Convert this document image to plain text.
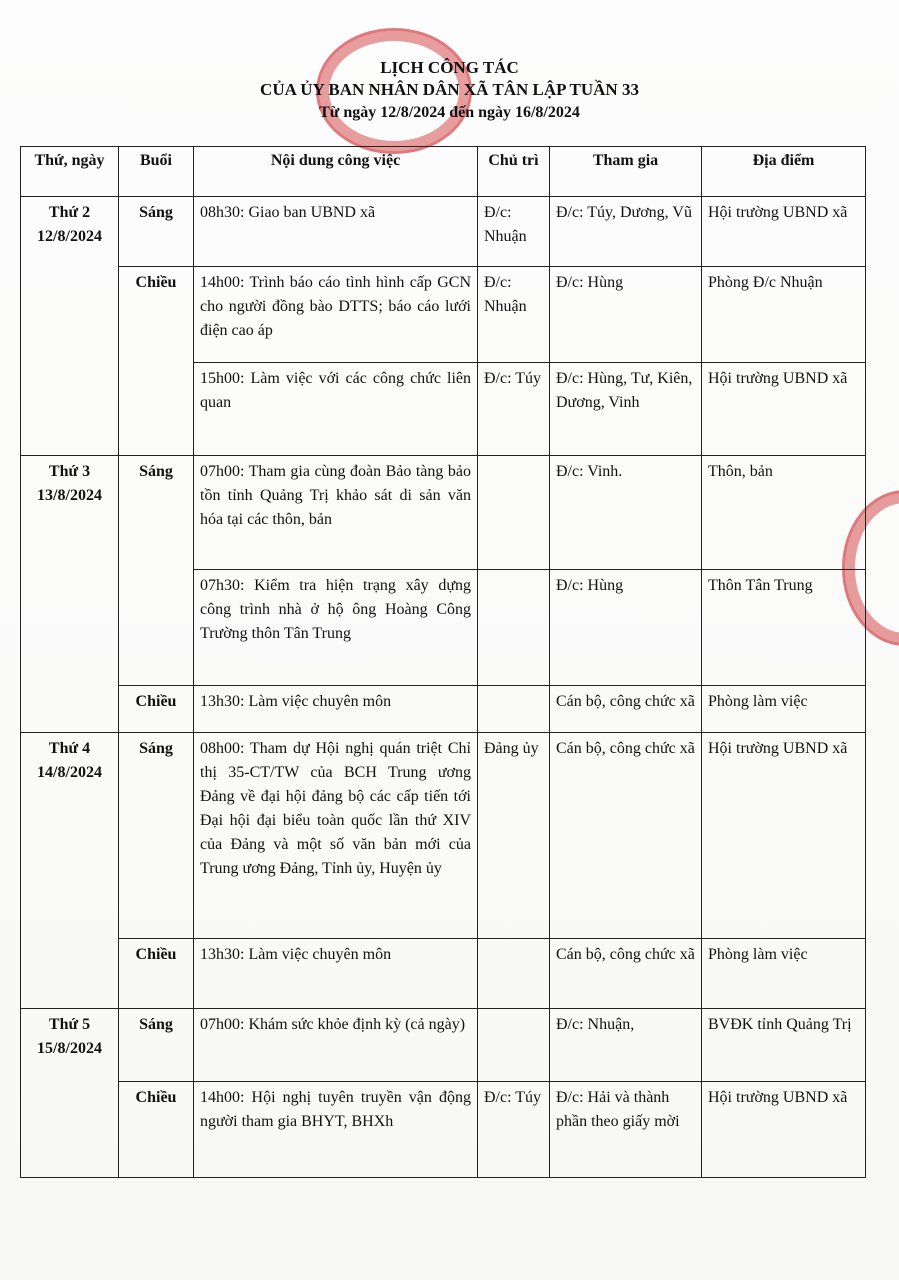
LỊCH CÔNG TÁC
CỦA ỦY BAN NHÂN DÂN XÃ TÂN LẬP TUẦN 33
Từ ngày 12/8/2024 đến ngày 16/8/2024
Thứ, ngày	Buổi	Nội dung công việc	Chủ trì	Tham gia	Địa điểm

Thứ 2
12/8/2024	Sáng	08h30: Giao ban UBND xã	Đ/c: Nhuận	Đ/c: Túy, Dương, Vũ	Hội trường UBND xã
	Chiều	14h00: Trình báo cáo tình hình cấp GCN cho người đồng bào DTTS; báo cáo lưới điện cao áp	Đ/c: Nhuận	Đ/c: Hùng	Phòng Đ/c Nhuận
		15h00: Làm việc với các công chức liên quan	Đ/c: Túy	Đ/c: Hùng, Tư, Kiên, Dương, Vinh	Hội trường UBND xã

Thứ 3
13/8/2024	Sáng	07h00: Tham gia cùng đoàn Bảo tàng bảo tồn tỉnh Quảng Trị khảo sát di sản văn hóa tại các thôn, bản		Đ/c: Vinh.	Thôn, bản
		07h30: Kiểm tra hiện trạng xây dựng công trình nhà ở hộ ông Hoàng Công Trường thôn Tân Trung		Đ/c: Hùng	Thôn Tân Trung
	Chiều	13h30: Làm việc chuyên môn		Cán bộ, công chức xã	Phòng làm việc

Thứ 4
14/8/2024	Sáng	08h00: Tham dự Hội nghị quán triệt Chỉ thị 35-CT/TW của BCH Trung ương Đảng về đại hội đảng bộ các cấp tiến tới Đại hội đại biểu toàn quốc lần thứ XIV của Đảng và một số văn bản mới của Trung ương Đảng, Tỉnh ủy, Huyện ủy	Đảng ủy	Cán bộ, công chức xã	Hội trường UBND xã
	Chiều	13h30: Làm việc chuyên môn		Cán bộ, công chức xã	Phòng làm việc

Thứ 5
15/8/2024	Sáng	07h00: Khám sức khỏe định kỳ (cả ngày)		Đ/c: Nhuận,	BVĐK tỉnh Quảng Trị
	Chiều	14h00: Hội nghị tuyên truyền vận động người tham gia BHYT, BHXh	Đ/c: Túy	Đ/c: Hải và thành phần theo giấy mời	Hội trường UBND xã
